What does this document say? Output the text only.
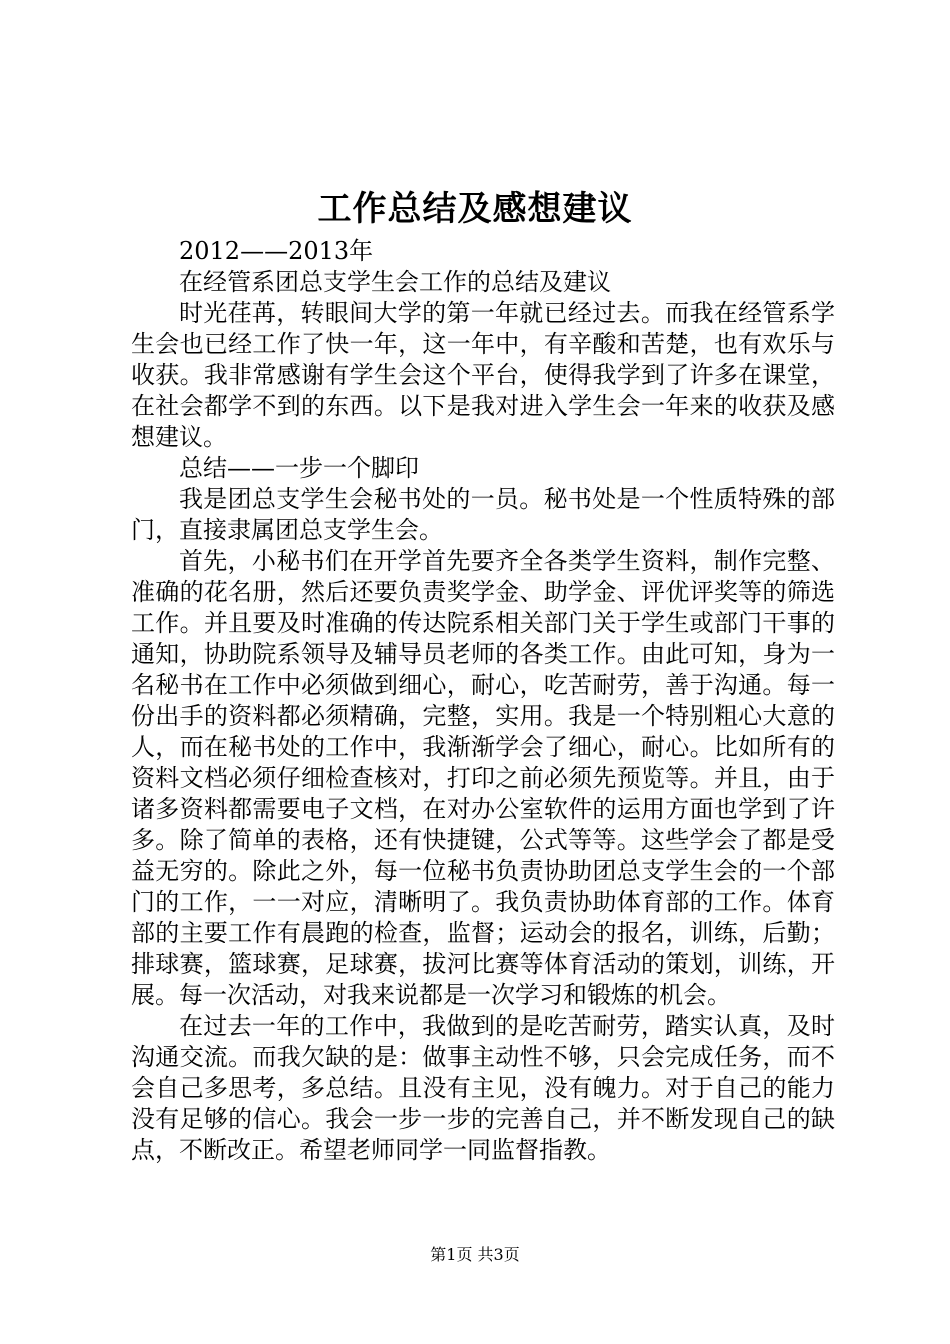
工作总结及感想建议

2012——2013年

在经管系团总支学生会工作的总结及建议

时光荏苒，转眼间大学的第一年就已经过去。而我在经管系学生会也已经工作了快一年，这一年中，有辛酸和苦楚，也有欢乐与收获。我非常感谢有学生会这个平台，使得我学到了许多在课堂，在社会都学不到的东西。以下是我对进入学生会一年来的收获及感想建议。

总结——一步一个脚印

我是团总支学生会秘书处的一员。秘书处是一个性质特殊的部门，直接隶属团总支学生会。

首先，小秘书们在开学首先要齐全各类学生资料，制作完整、准确的花名册，然后还要负责奖学金、助学金、评优评奖等的筛选工作。并且要及时准确的传达院系相关部门关于学生或部门干事的通知，协助院系领导及辅导员老师的各类工作。由此可知，身为一名秘书在工作中必须做到细心，耐心，吃苦耐劳，善于沟通。每一份出手的资料都必须精确，完整，实用。我是一个特别粗心大意的人，而在秘书处的工作中，我渐渐学会了细心，耐心。比如所有的资料文档必须仔细检查核对，打印之前必须先预览等。并且，由于诸多资料都需要电子文档，在对办公室软件的运用方面也学到了许多。除了简单的表格，还有快捷键，公式等等。这些学会了都是受益无穷的。除此之外，每一位秘书负责协助团总支学生会的一个部门的工作，一一对应，清晰明了。我负责协助体育部的工作。体育部的主要工作有晨跑的检查，监督；运动会的报名，训练，后勤；排球赛，篮球赛，足球赛，拔河比赛等体育活动的策划，训练，开展。每一次活动，对我来说都是一次学习和锻炼的机会。

在过去一年的工作中，我做到的是吃苦耐劳，踏实认真，及时沟通交流。而我欠缺的是：做事主动性不够，只会完成任务，而不会自己多思考，多总结。且没有主见，没有魄力。对于自己的能力没有足够的信心。我会一步一步的完善自己，并不断发现自己的缺点，不断改正。希望老师同学一同监督指教。

第1页 共3页
